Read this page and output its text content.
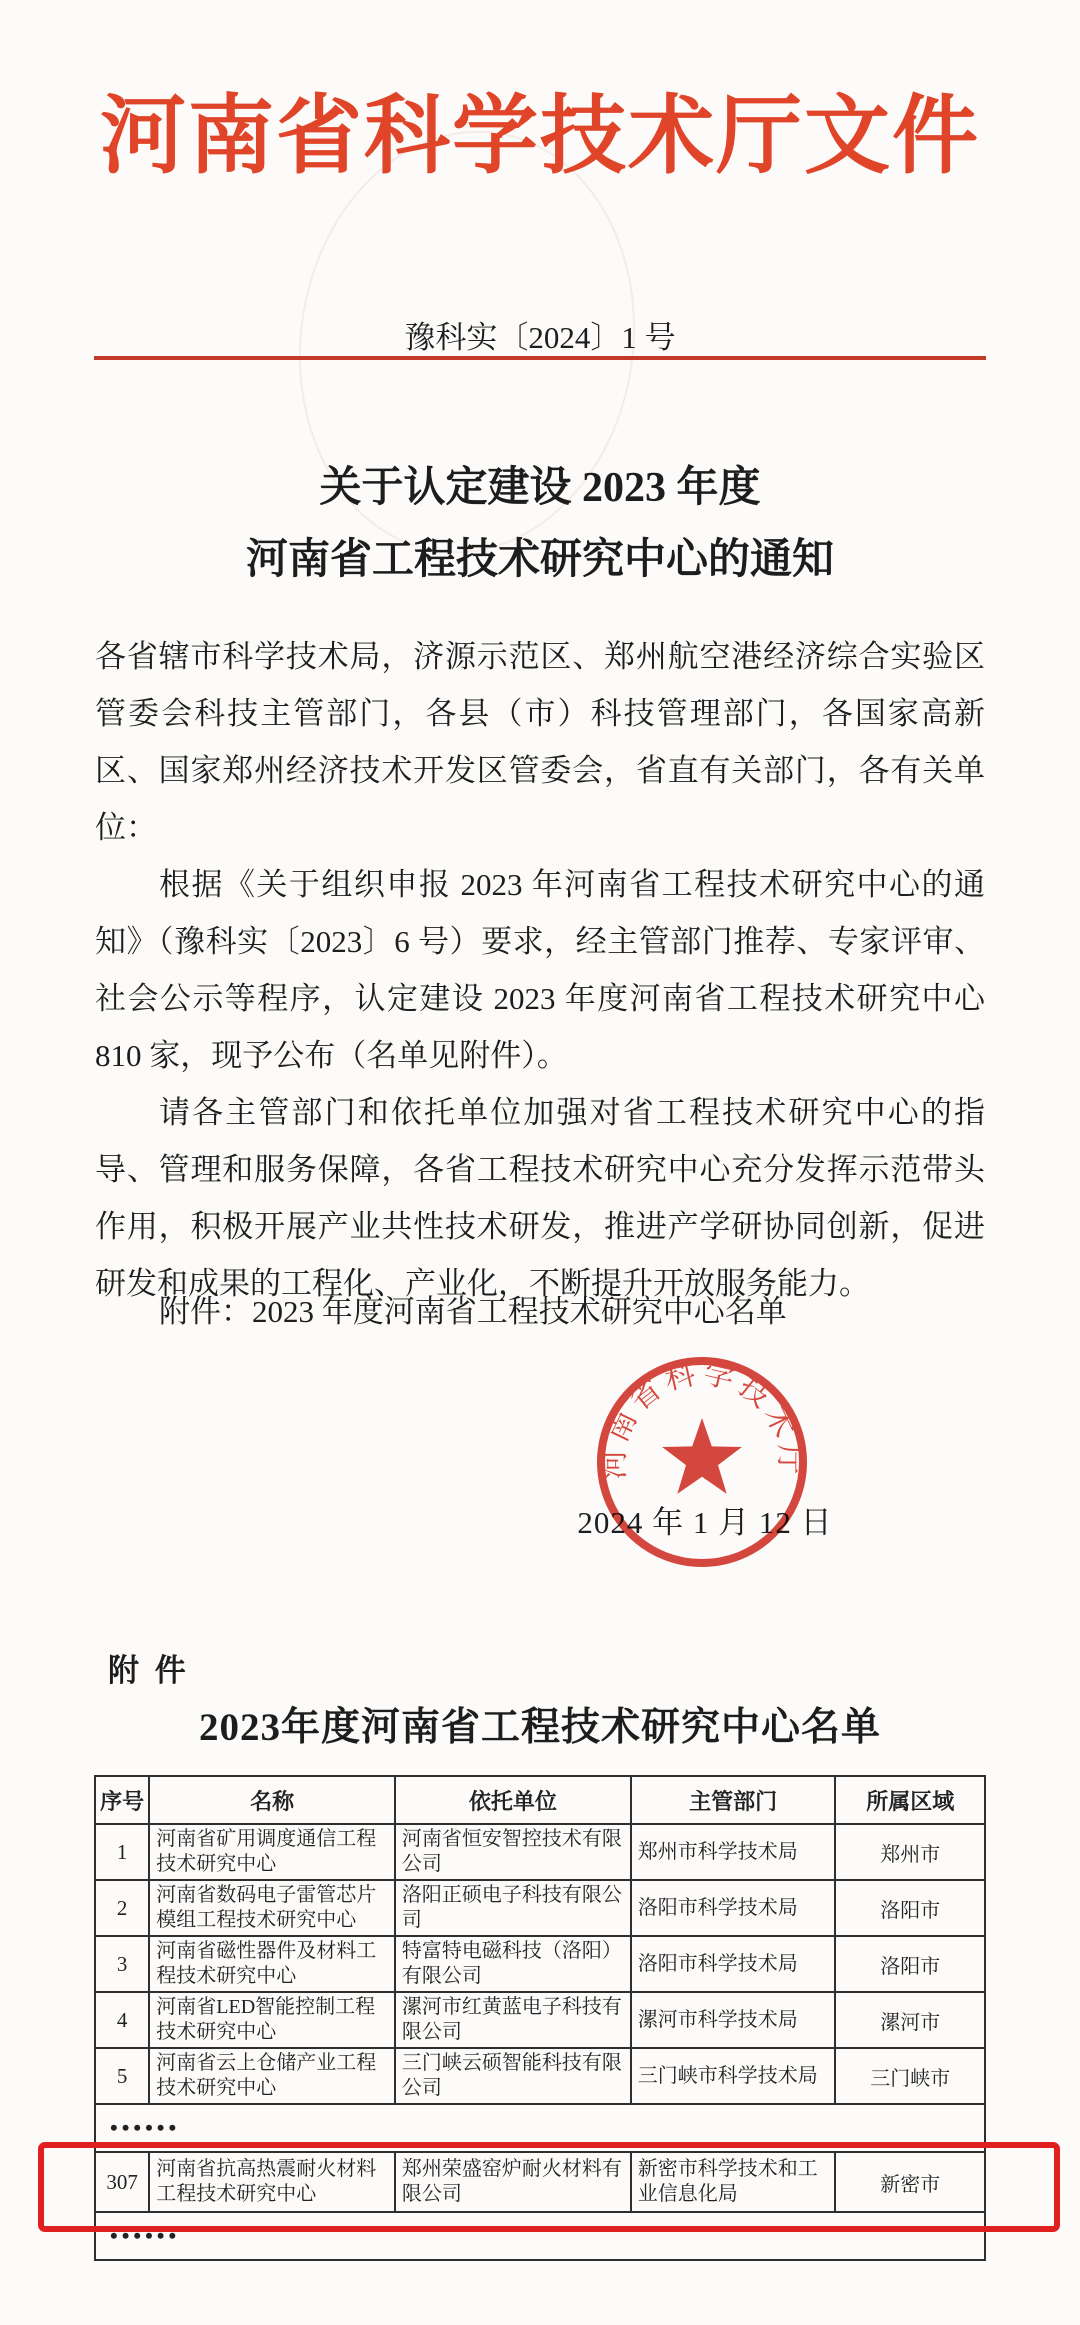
河南省科学技术厅文件
豫科实〔2024〕1 号
关于认定建设 2023 年度
河南省工程技术研究中心的通知

各省辖市科学技术局，济源示范区、郑州航空港经济综合实验区管委会科技主管部门，各县（市）科技管理部门，各国家高新区、国家郑州经济技术开发区管委会，省直有关部门，各有关单位：

根据《关于组织申报 2023 年河南省工程技术研究中心的通知》（豫科实〔2023〕6 号）要求，经主管部门推荐、专家评审、社会公示等程序，认定建设 2023 年度河南省工程技术研究中心 810 家，现予公布（名单见附件）。

请各主管部门和依托单位加强对省工程技术研究中心的指导、管理和服务保障，各省工程技术研究中心充分发挥示范带头作用，积极开展产业共性技术研发，推进产学研协同创新，促进研发和成果的工程化、产业化，不断提升开放服务能力。

附件：2023 年度河南省工程技术研究中心名单
2024 年 1 月 12 日
河南省科学技术厅
附 件
2023年度河南省工程技术研究中心名单
序号	名称	依托单位	主管部门	所属区域
1	河南省矿用调度通信工程技术研究中心	河南省恒安智控技术有限公司	郑州市科学技术局	郑州市
2	河南省数码电子雷管芯片模组工程技术研究中心	洛阳正硕电子科技有限公司	洛阳市科学技术局	洛阳市
3	河南省磁性器件及材料工程技术研究中心	特富特电磁科技（洛阳）有限公司	洛阳市科学技术局	洛阳市
4	河南省LED智能控制工程技术研究中心	漯河市红黄蓝电子科技有限公司	漯河市科学技术局	漯河市
5	河南省云上仓储产业工程技术研究中心	三门峡云硕智能科技有限公司	三门峡市科学技术局	三门峡市
••••••				
307	河南省抗高热震耐火材料工程技术研究中心	郑州荣盛窑炉耐火材料有限公司	新密市科学技术和工业信息化局	新密市
••••••				
